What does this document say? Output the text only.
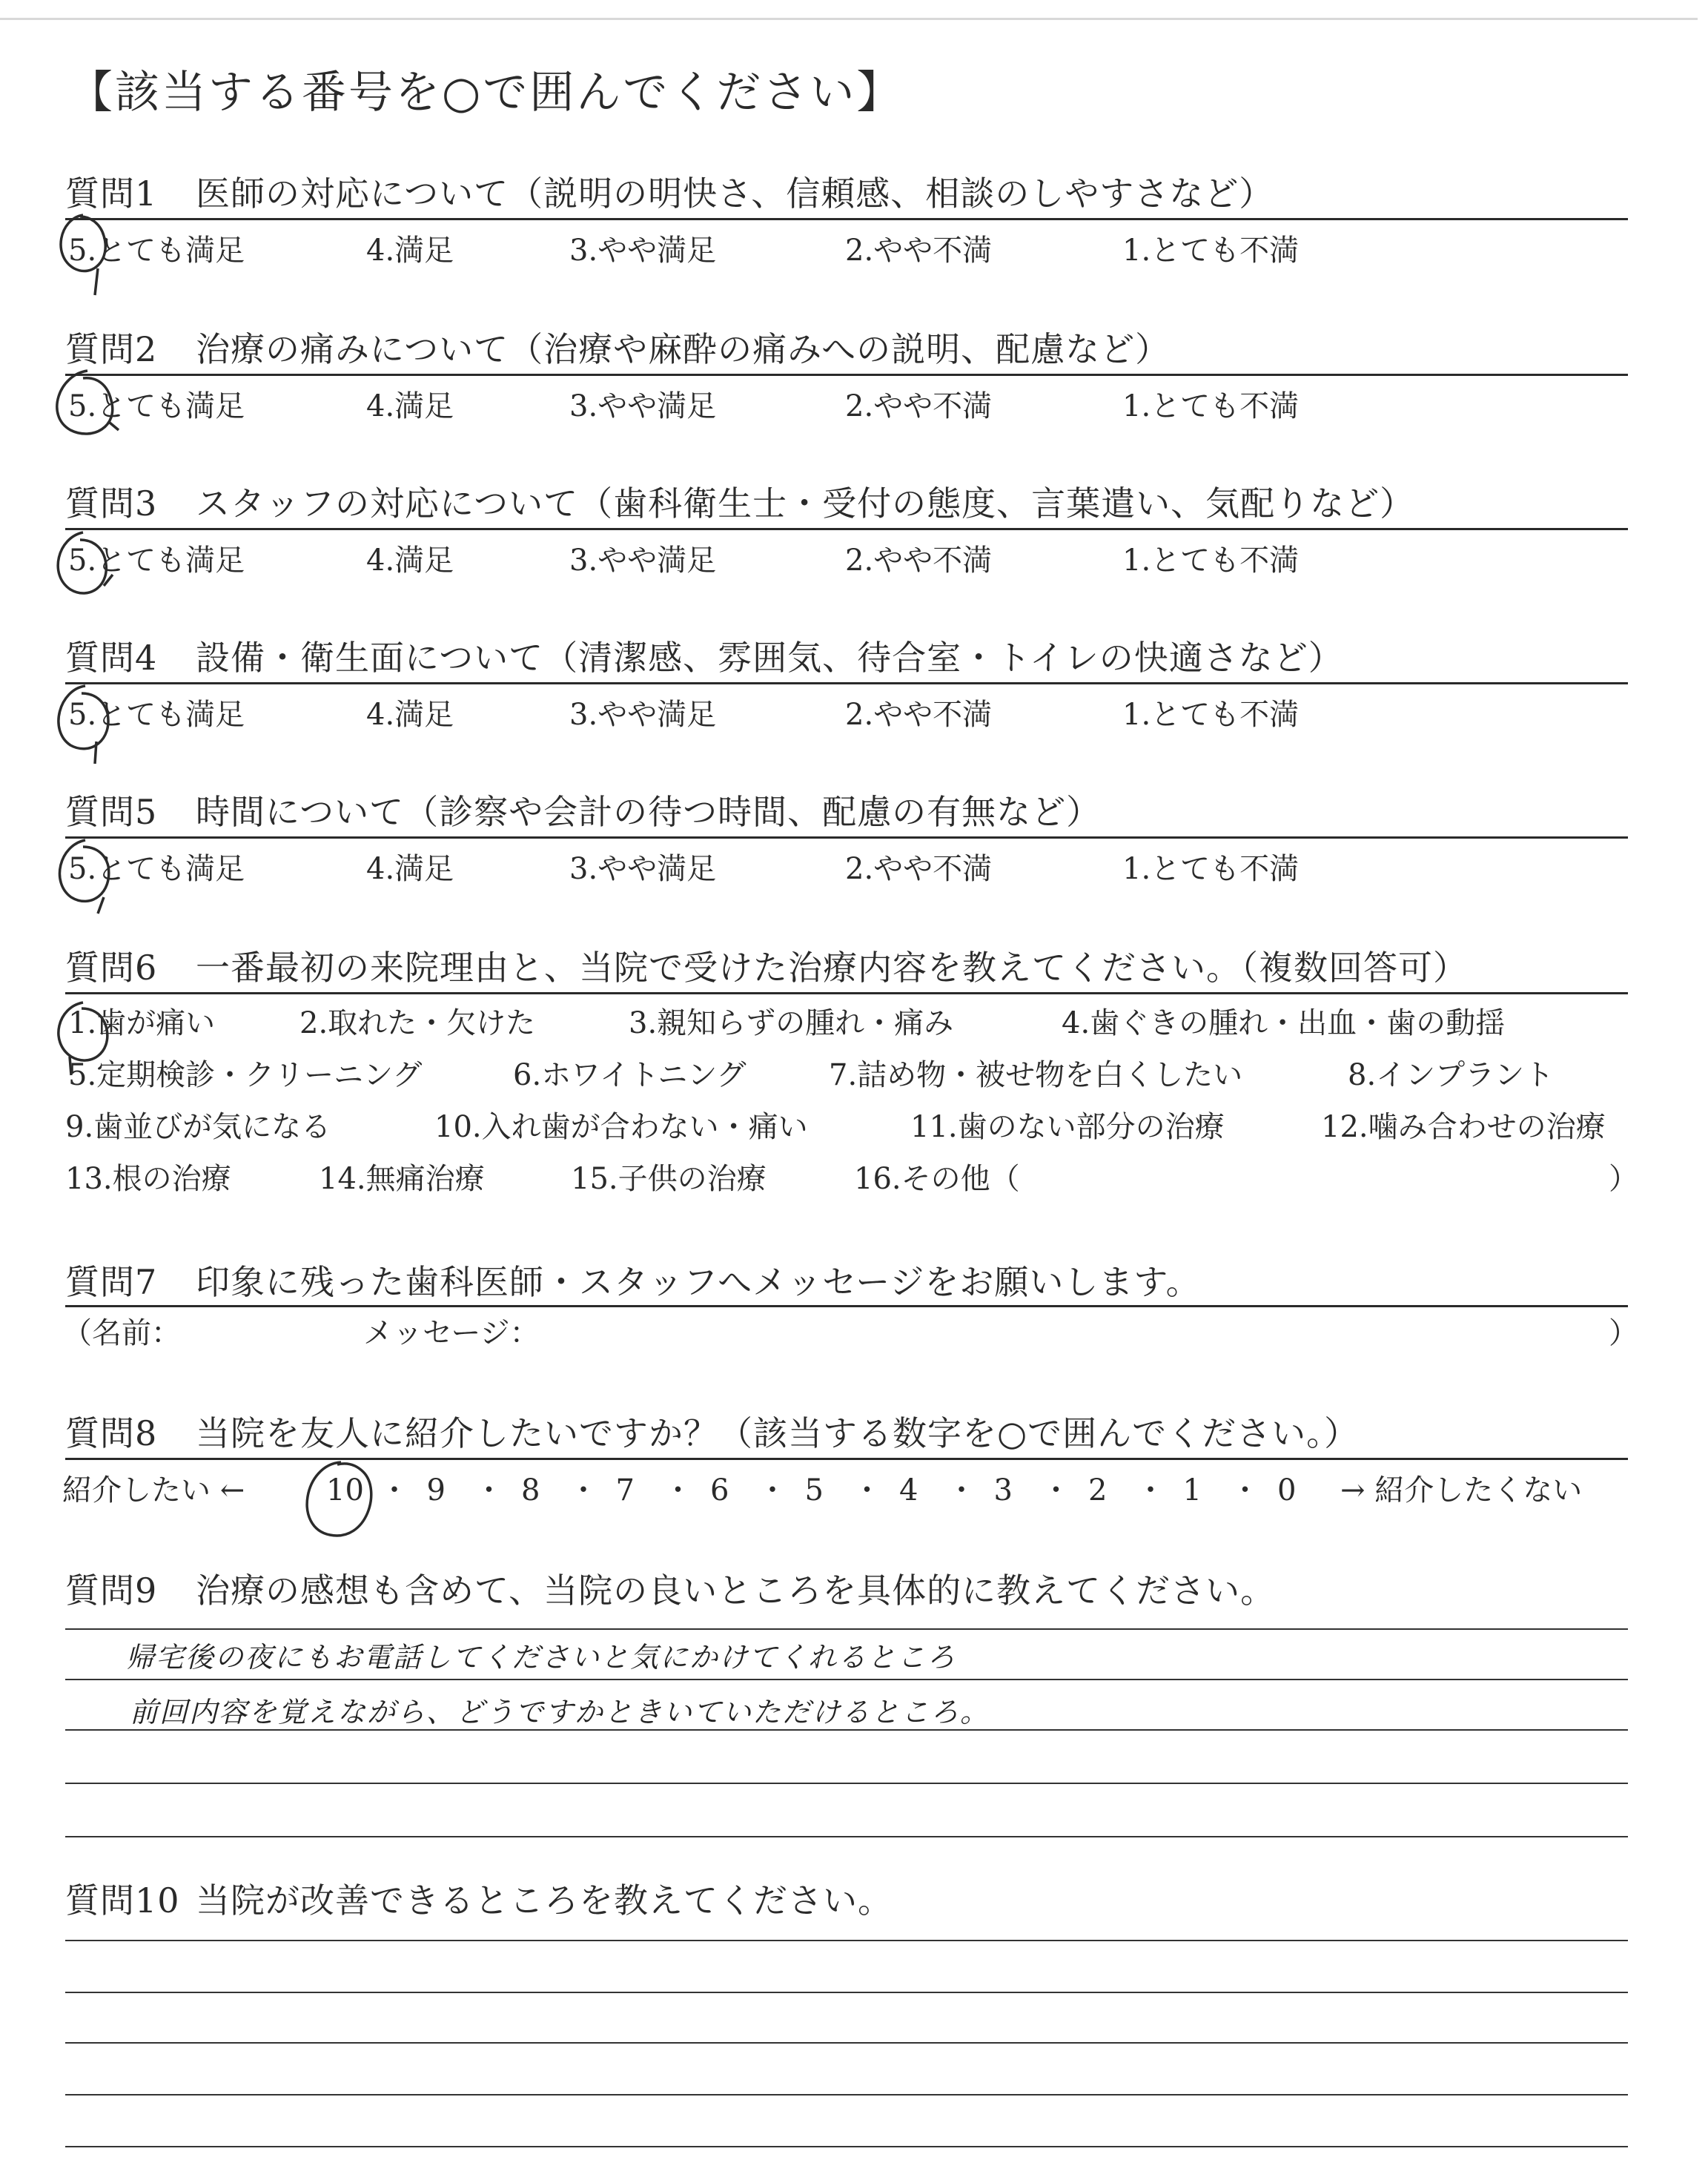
【該当する番号を○で囲んでください】
質問1 医師の対応について（説明の明快さ、信頼感、相談のしやすさなど）
5.とても満足	4.満足	3.やや満足	2.やや不満	1.とても不満
質問2 治療の痛みについて（治療や麻酔の痛みへの説明、配慮など）
5.とても満足	4.満足	3.やや満足	2.やや不満	1.とても不満
質問3 スタッフの対応について（歯科衛生士・受付の態度、言葉遣い、気配りなど）
5.とても満足	4.満足	3.やや満足	2.やや不満	1.とても不満
質問4 設備・衛生面について（清潔感、雰囲気、待合室・トイレの快適さなど）
5.とても満足	4.満足	3.やや満足	2.やや不満	1.とても不満
質問5 時間について（診察や会計の待つ時間、配慮の有無など）
5.とても満足	4.満足	3.やや満足	2.やや不満	1.とても不満
質問6 一番最初の来院理由と、当院で受けた治療内容を教えてください。（複数回答可）
1.歯が痛い	2.取れた・欠けた	3.親知らずの腫れ・痛み	4.歯ぐきの腫れ・出血・歯の動揺
5.定期検診・クリーニング	6.ホワイトニング	7.詰め物・被せ物を白くしたい	8.インプラント
9.歯並びが気になる	10.入れ歯が合わない・痛い	11.歯のない部分の治療	12.噛み合わせの治療
13.根の治療	14.無痛治療	15.子供の治療	16.その他（	）
質問7 印象に残った歯科医師・スタッフへメッセージをお願いします。
（名前：	メッセージ：	）
質問8 当院を友人に紹介したいですか？（該当する数字を○で囲んでください。）
紹介したい ←	10 ・ 9 ・ 8 ・ 7 ・ 6 ・ 5 ・ 4 ・ 3 ・ 2 ・ 1 ・ 0 → 紹介したくない
質問9 治療の感想も含めて、当院の良いところを具体的に教えてください。
帰宅後の夜にもお電話してくださいと気にかけてくれるところ
前回内容を覚えながら、どうですかときいていただけるところ。
質問10 当院が改善できるところを教えてください。
